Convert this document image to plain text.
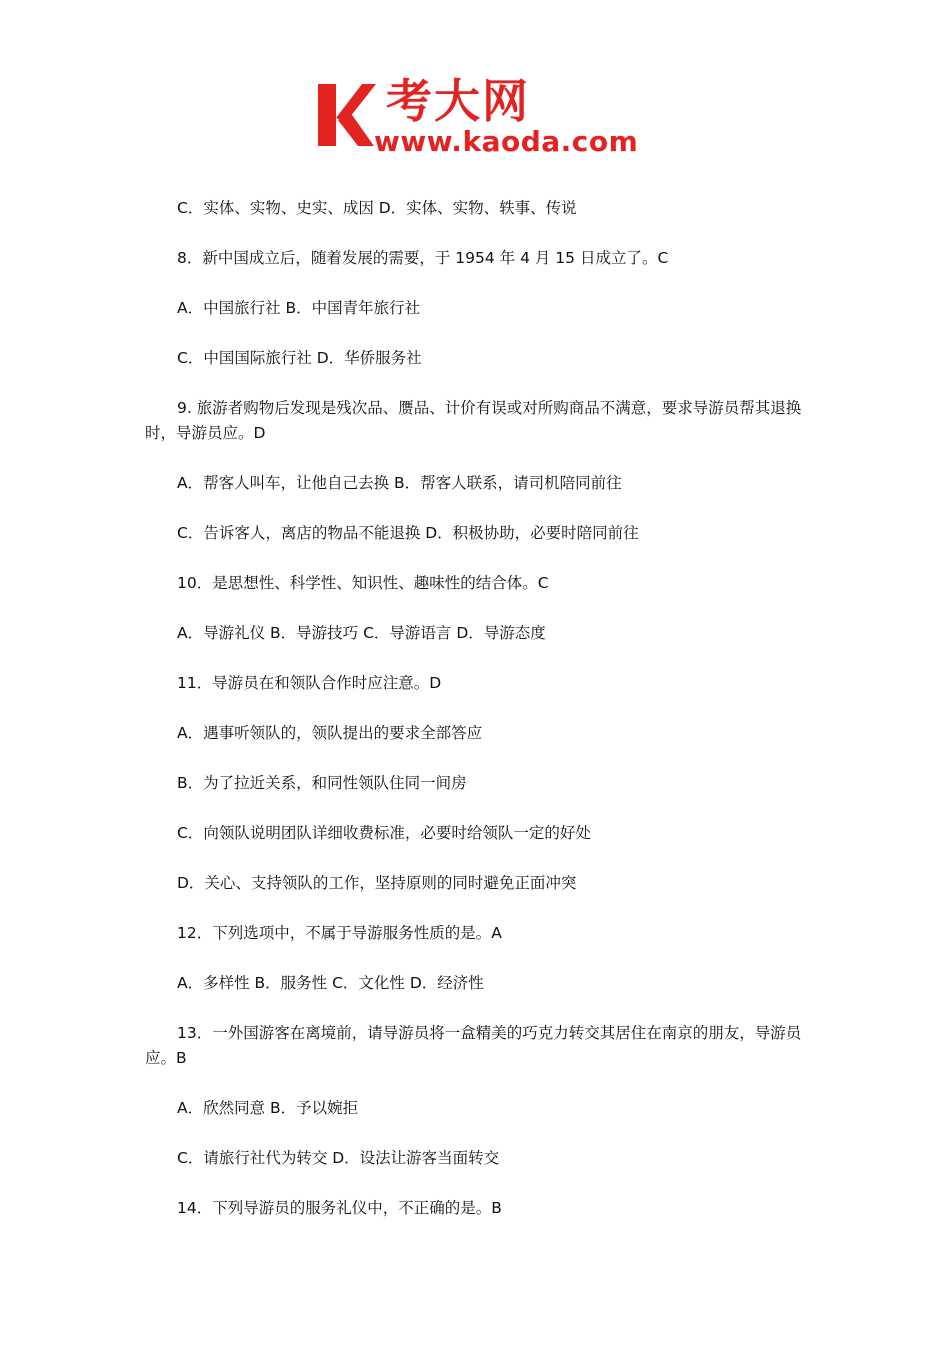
考大网
www.kaoda.com
C．实体、实物、史实、成因 D．实体、实物、轶事、传说
8．新中国成立后，随着发展的需要，于 1954 年 4 月 15 日成立了。C
A．中国旅行社 B．中国青年旅行社
C．中国国际旅行社 D．华侨服务社
9. 旅游者购物后发现是残次品、赝品、计价有误或对所购商品不满意，要求导游员帮其退换时，导游员应。D
A．帮客人叫车，让他自己去换 B．帮客人联系，请司机陪同前往
C．告诉客人，离店的物品不能退换 D．积极协助，必要时陪同前往
10．是思想性、科学性、知识性、趣味性的结合体。C
A．导游礼仪 B．导游技巧 C．导游语言 D．导游态度
11．导游员在和领队合作时应注意。D
A．遇事听领队的，领队提出的要求全部答应
B．为了拉近关系，和同性领队住同一间房
C．向领队说明团队详细收费标准，必要时给领队一定的好处
D．关心、支持领队的工作，坚持原则的同时避免正面冲突
12．下列选项中，不属于导游服务性质的是。A
A．多样性 B．服务性 C．文化性 D．经济性
13．一外国游客在离境前，请导游员将一盒精美的巧克力转交其居住在南京的朋友，导游员应。B
A．欣然同意 B．予以婉拒
C．请旅行社代为转交 D．设法让游客当面转交
14．下列导游员的服务礼仪中，不正确的是。B
